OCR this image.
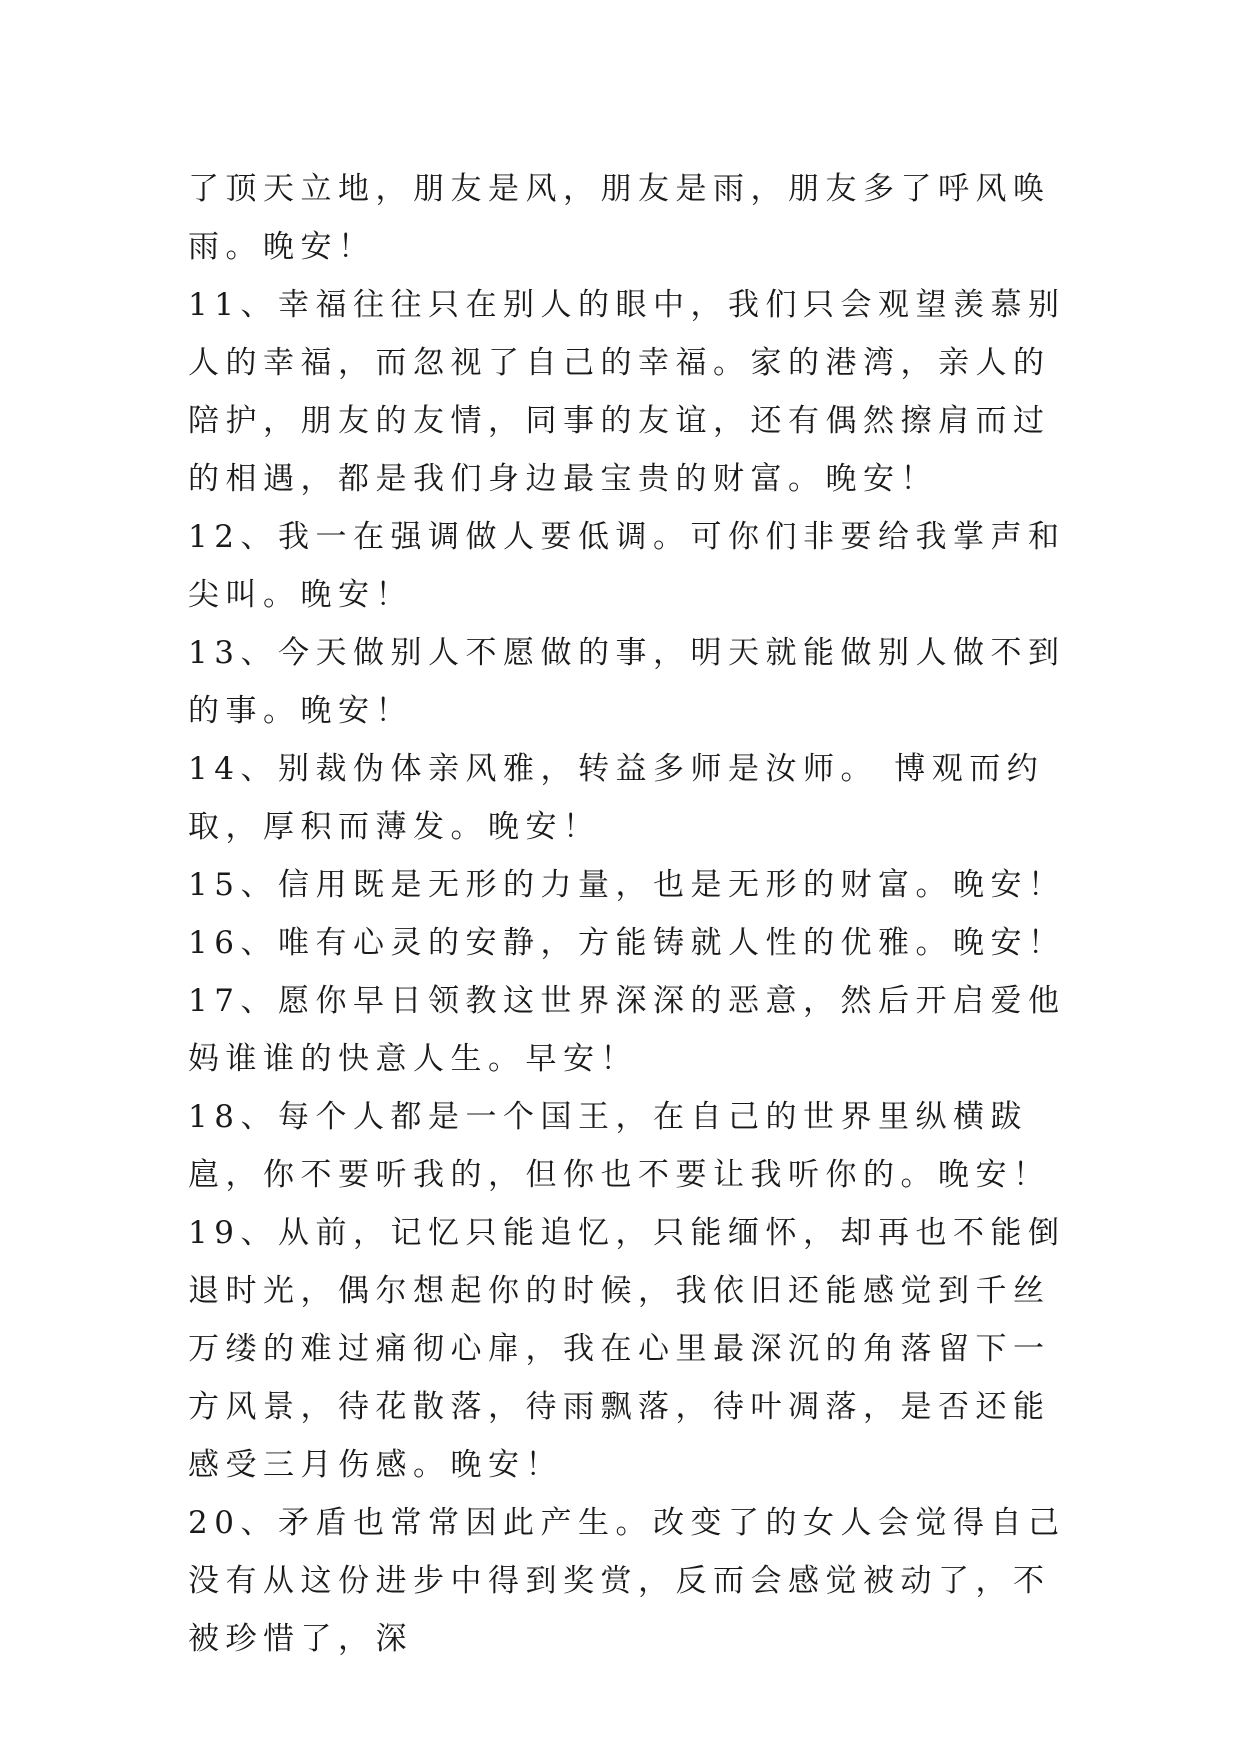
了顶天立地，朋友是风，朋友是雨，朋友多了呼风唤雨。晚安！

11、幸福往往只在别人的眼中，我们只会观望羡慕别人的幸福，而忽视了自己的幸福。家的港湾，亲人的陪护，朋友的友情，同事的友谊，还有偶然擦肩而过的相遇，都是我们身边最宝贵的财富。晚安！

12、我一在强调做人要低调。可你们非要给我掌声和尖叫。晚安！

13、今天做别人不愿做的事，明天就能做别人做不到的事。晚安！

14、别裁伪体亲风雅，转益多师是汝师。 博观而约取，厚积而薄发。晚安！

15、信用既是无形的力量，也是无形的财富。晚安！

16、唯有心灵的安静，方能铸就人性的优雅。晚安！

17、愿你早日领教这世界深深的恶意，然后开启爱他妈谁谁的快意人生。早安！

18、每个人都是一个国王，在自己的世界里纵横跋扈，你不要听我的，但你也不要让我听你的。晚安！

19、从前，记忆只能追忆，只能缅怀，却再也不能倒退时光，偶尔想起你的时候，我依旧还能感觉到千丝万缕的难过痛彻心扉，我在心里最深沉的角落留下一方风景，待花散落，待雨飘落，待叶凋落，是否还能感受三月伤感。晚安！

20、矛盾也常常因此产生。改变了的女人会觉得自己没有从这份进步中得到奖赏，反而会感觉被动了，不被珍惜了，深
